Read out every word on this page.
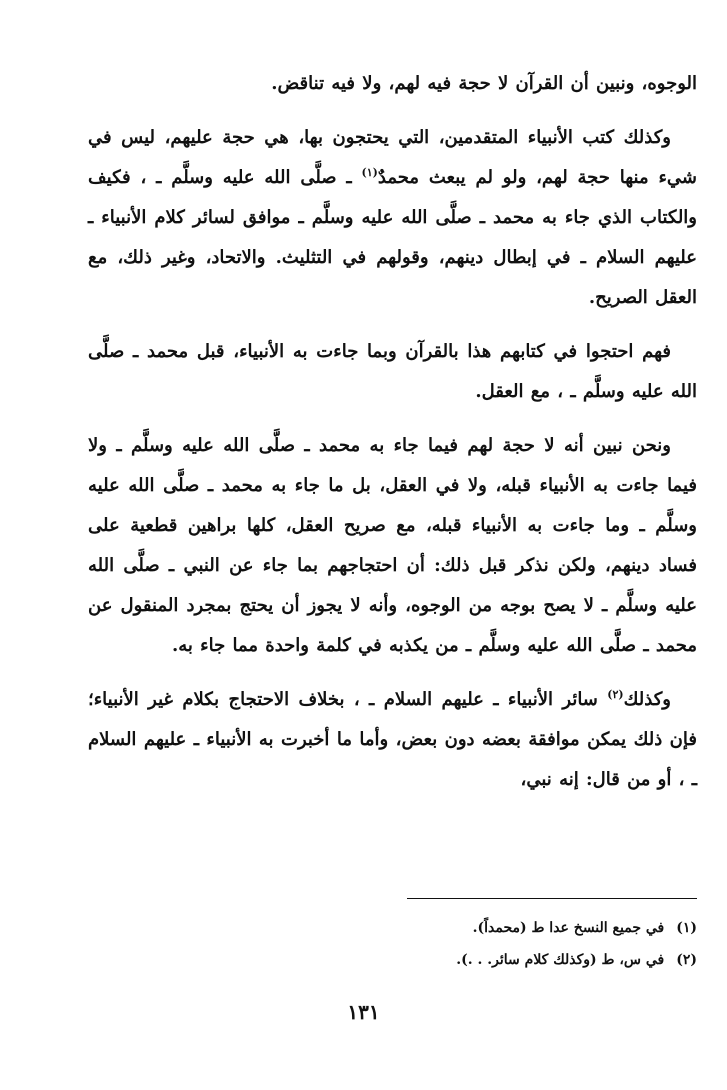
الوجوه، ونبين أن القرآن لا حجة فيه لهم، ولا فيه تناقض.

وكذلك كتب الأنبياء المتقدمين، التي يحتجون بها، هي حجة عليهم، ليس في شيء منها حجة لهم، ولو لم يبعث محمدٌ$^{(١)}$ ـ صلَّى الله عليه وسلَّم ـ ، فكيف والكتاب الذي جاء به محمد ـ صلَّى الله عليه وسلَّم ـ موافق لسائر كلام الأنبياء ـ عليهم السلام ـ في إبطال دينهم، وقولهم في التثليث. والاتحاد، وغير ذلك، مع العقل الصريح.

فهم احتجوا في كتابهم هذا بالقرآن وبما جاءت به الأنبياء، قبل محمد ـ صلَّى الله عليه وسلَّم ـ ، مع العقل.

ونحن نبين أنه لا حجة لهم فيما جاء به محمد ـ صلَّى الله عليه وسلَّم ـ ولا فيما جاءت به الأنبياء قبله، ولا في العقل، بل ما جاء به محمد ـ صلَّى الله عليه وسلَّم ـ وما جاءت به الأنبياء قبله، مع صريح العقل، كلها براهين قطعية على فساد دينهم، ولكن نذكر قبل ذلك: أن احتجاجهم بما جاء عن النبي ـ صلَّى الله عليه وسلَّم ـ لا يصح بوجه من الوجوه، وأنه لا يجوز أن يحتج بمجرد المنقول عن محمد ـ صلَّى الله عليه وسلَّم ـ من يكذبه في كلمة واحدة مما جاء به.

وكذلك$^{(٢)}$ سائر الأنبياء ـ عليهم السلام ـ ، بخلاف الاحتجاج بكلام غير الأنبياء؛ فإن ذلك يمكن موافقة بعضه دون بعض، وأما ما أخبرت به الأنبياء ـ عليهم السلام ـ ، أو من قال: إنه نبي،

(١)في جميع النسخ عدا ط (محمداً).

(٢)في س، ط (وكذلك كلام سائر. . .).

١٣١
